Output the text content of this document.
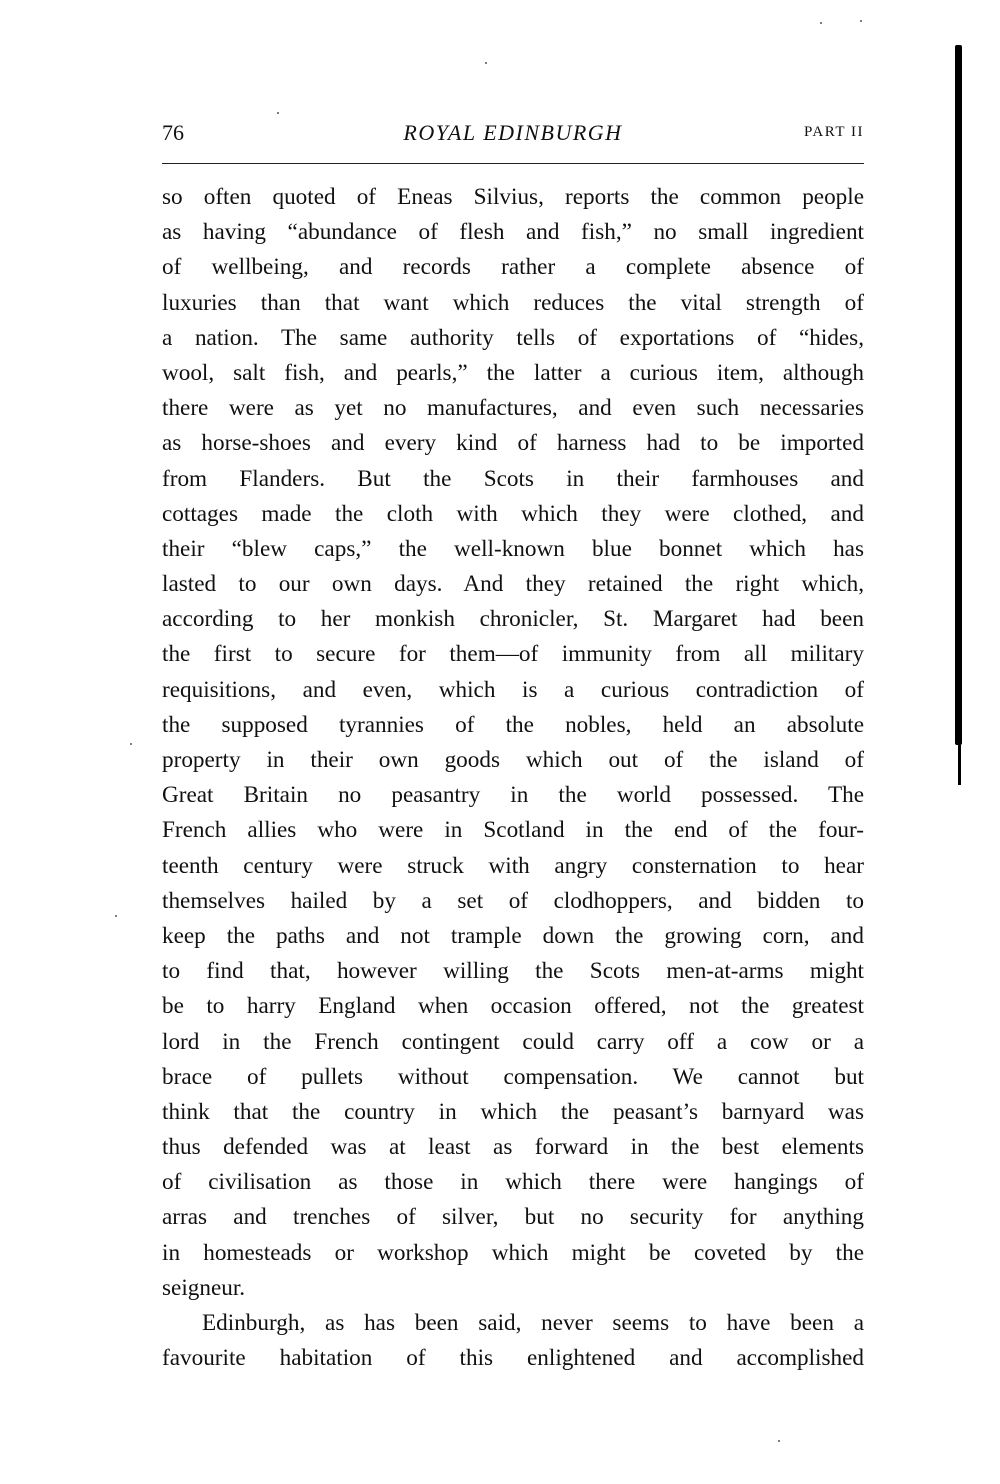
76	ROYAL EDINBURGH	PART II
so often quoted of Eneas Silvius, reports the common people
as having “abundance of flesh and fish,” no small ingredient
of wellbeing, and records rather a complete absence of
luxuries than that want which reduces the vital strength of
a nation. The same authority tells of exportations of “hides,
wool, salt fish, and pearls,” the latter a curious item, although
there were as yet no manufactures, and even such necessaries
as horse-shoes and every kind of harness had to be imported
from Flanders. But the Scots in their farmhouses and
cottages made the cloth with which they were clothed, and
their “blew caps,” the well-known blue bonnet which has
lasted to our own days. And they retained the right which,
according to her monkish chronicler, St. Margaret had been
the first to secure for them—of immunity from all military
requisitions, and even, which is a curious contradiction of
the supposed tyrannies of the nobles, held an absolute
property in their own goods which out of the island of
Great Britain no peasantry in the world possessed. The
French allies who were in Scotland in the end of the four-
teenth century were struck with angry consternation to hear
themselves hailed by a set of clodhoppers, and bidden to
keep the paths and not trample down the growing corn, and
to find that, however willing the Scots men-at-arms might
be to harry England when occasion offered, not the greatest
lord in the French contingent could carry off a cow or a
brace of pullets without compensation. We cannot but
think that the country in which the peasant’s barnyard was
thus defended was at least as forward in the best elements
of civilisation as those in which there were hangings of
arras and trenches of silver, but no security for anything
in homesteads or workshop which might be coveted by the
seigneur.
Edinburgh, as has been said, never seems to have been a
favourite habitation of this enlightened and accomplished
